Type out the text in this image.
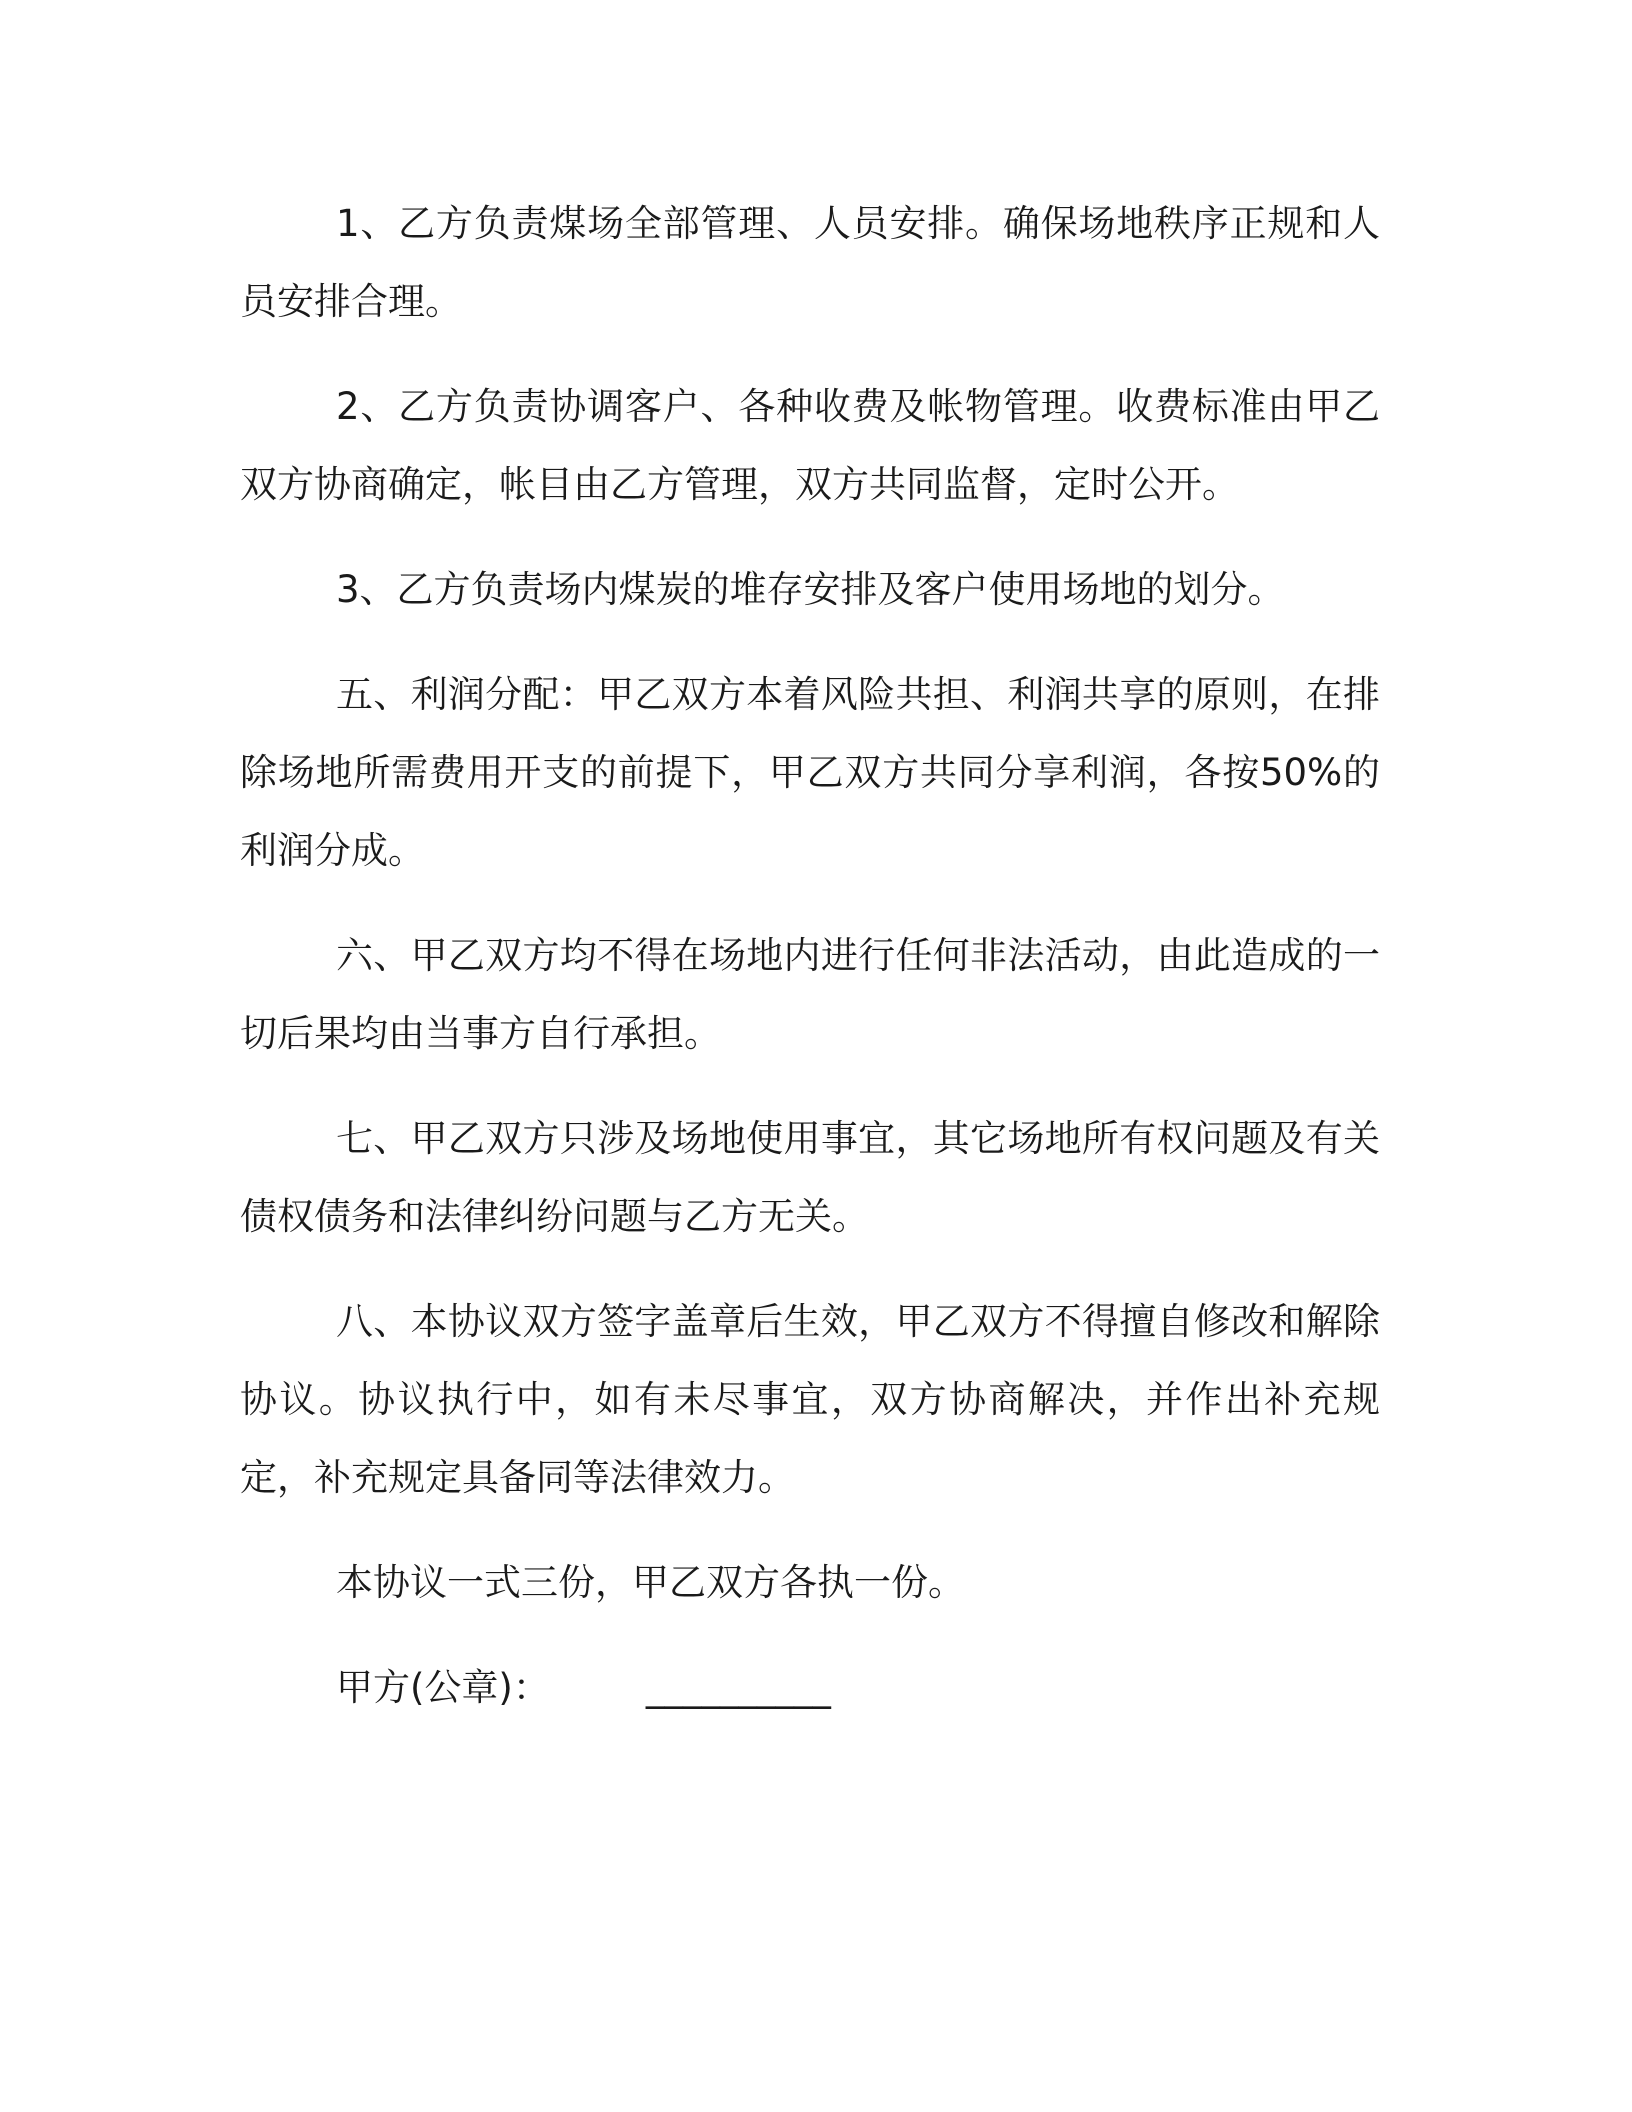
1、乙方负责煤场全部管理、人员安排。确保场地秩序正规和人员安排合理。

2、乙方负责协调客户、各种收费及帐物管理。收费标准由甲乙双方协商确定，帐目由乙方管理，双方共同监督，定时公开。

3、乙方负责场内煤炭的堆存安排及客户使用场地的划分。

五、利润分配：甲乙双方本着风险共担、利润共享的原则，在排除场地所需费用开支的前提下，甲乙双方共同分享利润，各按50%的利润分成。

六、甲乙双方均不得在场地内进行任何非法活动，由此造成的一切后果均由当事方自行承担。

七、甲乙双方只涉及场地使用事宜，其它场地所有权问题及有关债权债务和法律纠纷问题与乙方无关。

八、本协议双方签字盖章后生效，甲乙双方不得擅自修改和解除协议。协议执行中，如有未尽事宜，双方协商解决，并作出补充规定，补充规定具备同等法律效力。

本协议一式三份，甲乙双方各执一份。

甲方(公章)：	__________
